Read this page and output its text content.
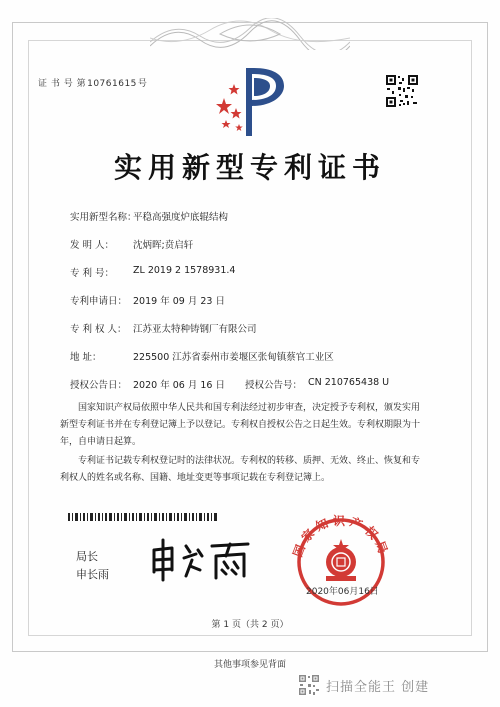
证 书 号 第10761615号
实用新型专利证书
实用新型名称：
平稳高强度炉底辊结构
发 明 人： 沈炳晖;贲启轩
专 利 号： ZL 2019 2 1578931.4
专利申请日： 2019 年 09 月 23 日
专 利 权 人： 江苏亚太特种铸钢厂有限公司
地 址：	225500 江苏省泰州市姜堰区张甸镇蔡官工业区
授权公告日： 2020 年 06 月 16 日 授权公告号： CN 210765438 U
国家知识产权局依照中华人民共和国专利法经过初步审查，决定授予专利权，颁发实用
新型专利证书并在专利登记簿上予以登记。专利权自授权公告之日起生效。专利权期限为十
年，自申请日起算。
专利证书记载专利权登记时的法律状况。专利权的转移、质押、无效、终止、恢复和专
利权人的姓名或名称、国籍、地址变更等事项记载在专利登记簿上。
局长
申长雨
国家知识产权局
2020年06月16日
第 1 页（共 2 页）
其他事项参见背面
扫描全能王 创建
